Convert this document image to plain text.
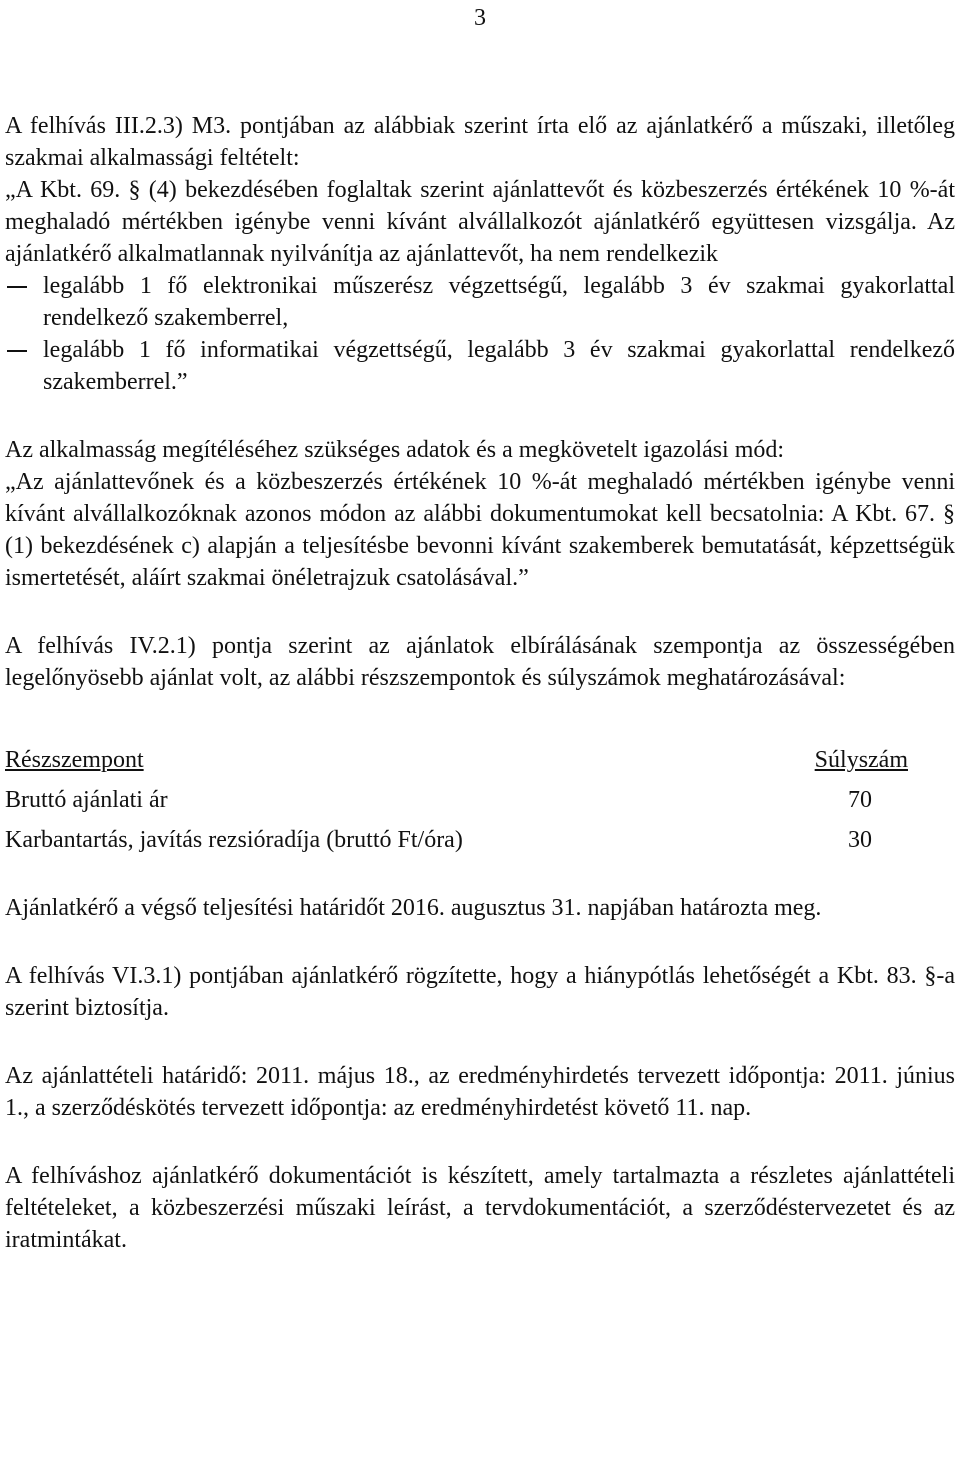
3

A felhívás III.2.3) M3. pontjában az alábbiak szerint írta elő az ajánlatkérő a műszaki, illetőleg szakmai alkalmassági feltételt:

„A Kbt. 69. § (4) bekezdésében foglaltak szerint ajánlattevőt és közbeszerzés értékének 10 %-át meghaladó mértékben igénybe venni kívánt alvállalkozót ajánlatkérő együttesen vizsgálja. Az ajánlatkérő alkalmatlannak nyilvánítja az ajánlattevőt, ha nem rendelkezik

legalább 1 fő elektronikai műszerész végzettségű, legalább 3 év szakmai gyakorlattal rendelkező szakemberrel,
legalább 1 fő informatikai végzettségű, legalább 3 év szakmai gyakorlattal rendelkező szakemberrel.”

Az alkalmasság megítéléséhez szükséges adatok és a megkövetelt igazolási mód:

„Az ajánlattevőnek és a közbeszerzés értékének 10 %-át meghaladó mértékben igénybe venni kívánt alvállalkozóknak azonos módon az alábbi dokumentumokat kell becsatolnia: A Kbt. 67. § (1) bekezdésének c) alapján a teljesítésbe bevonni kívánt szakemberek bemutatását, képzettségük ismertetését, aláírt szakmai önéletrajzuk csatolásával.”

A felhívás IV.2.1) pontja szerint az ajánlatok elbírálásának szempontja az összességében legelőnyösebb ajánlat volt, az alábbi részszempontok és súlyszámok meghatározásával:

Részszempont	Súlyszám
Bruttó ajánlati ár	70
Karbantartás, javítás rezsióradíja (bruttó Ft/óra)	30

Ajánlatkérő a végső teljesítési határidőt 2016. augusztus 31. napjában határozta meg.

A felhívás VI.3.1) pontjában ajánlatkérő rögzítette, hogy a hiánypótlás lehetőségét a Kbt. 83. §-a szerint biztosítja.

Az ajánlattételi határidő: 2011. május 18., az eredményhirdetés tervezett időpontja: 2011. június 1., a szerződéskötés tervezett időpontja: az eredményhirdetést követő 11. nap.

A felhíváshoz ajánlatkérő dokumentációt is készített, amely tartalmazta a részletes ajánlattételi feltételeket, a közbeszerzési műszaki leírást, a tervdokumentációt, a szerződéstervezetet és az iratmintákat.
